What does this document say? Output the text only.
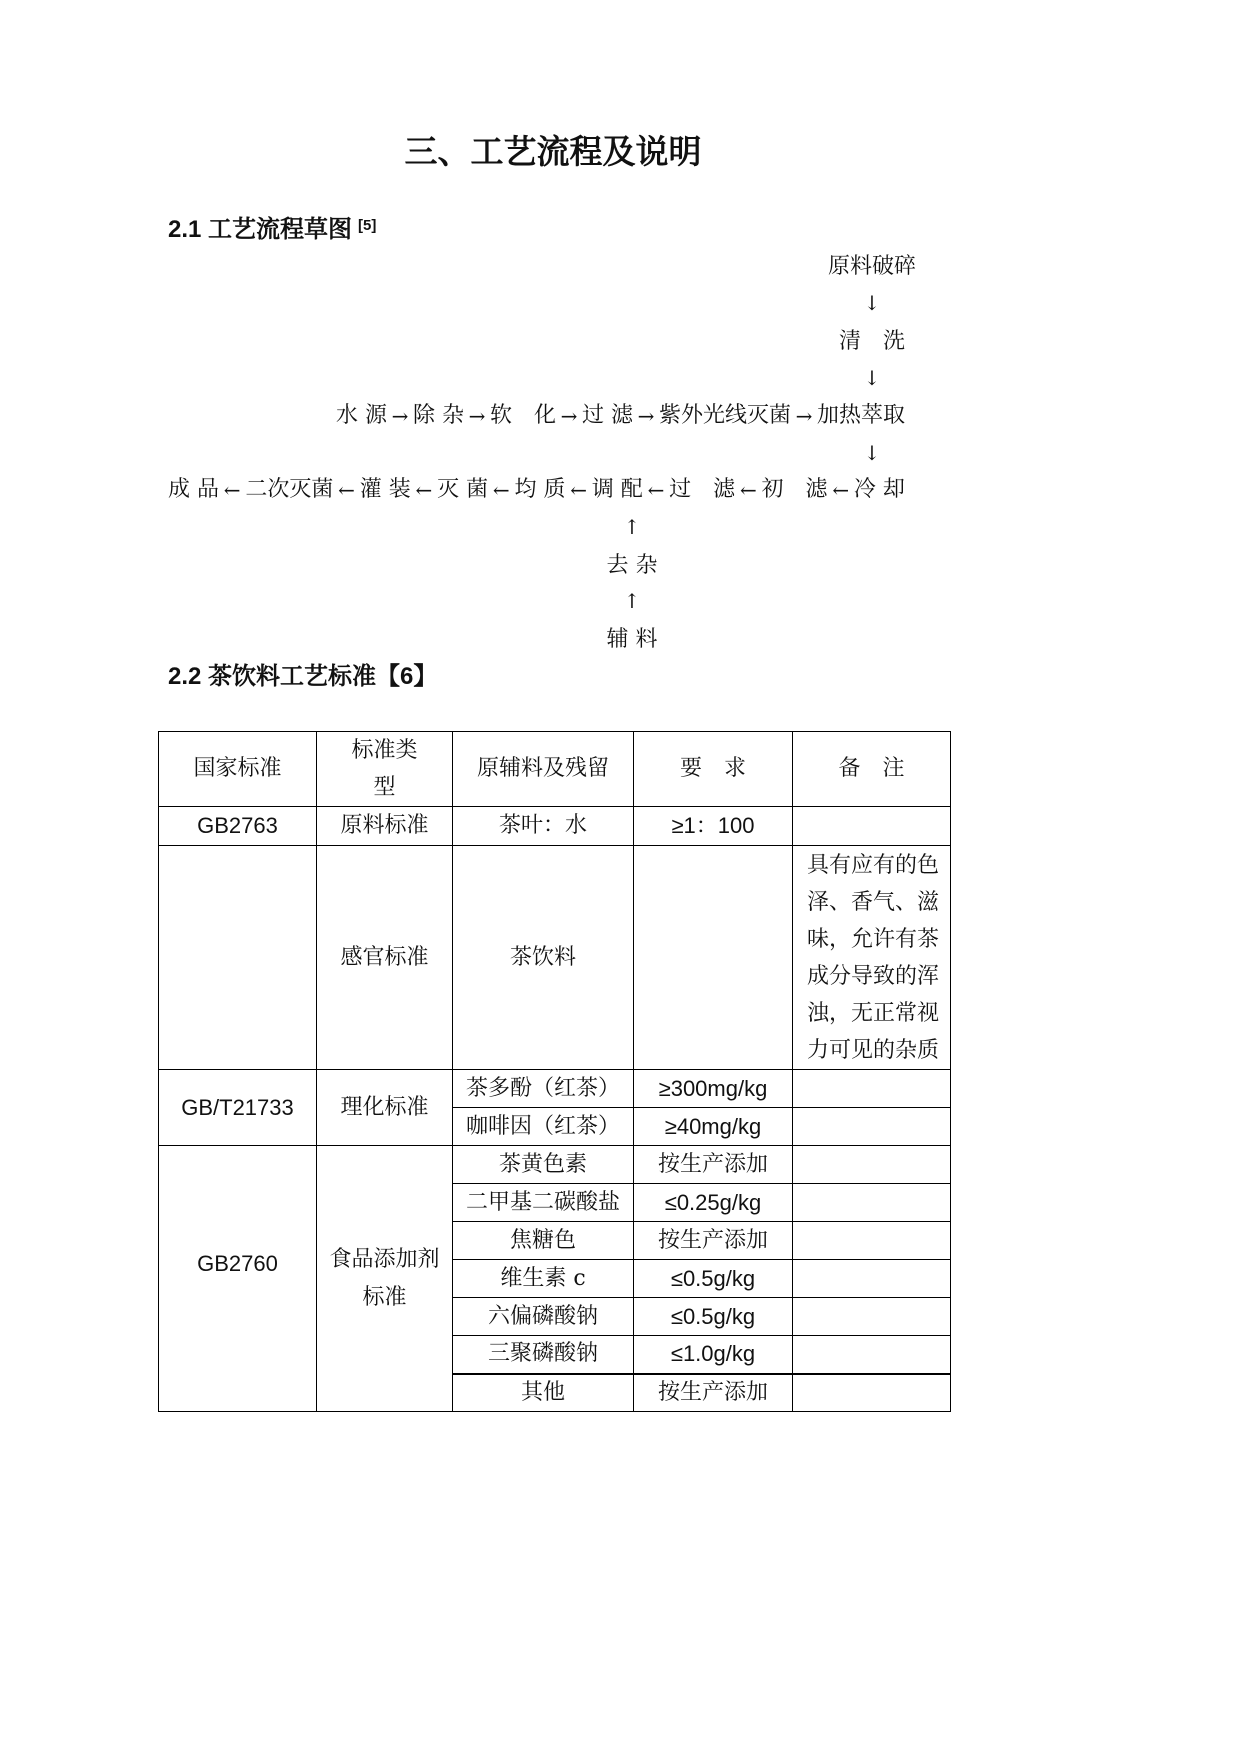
三、工艺流程及说明
2.1 工艺流程草图 [5]
原料破碎
↓
清　洗
↓
水 源 → 除 杂 → 软　化 → 过 滤 → 紫外光线灭菌 → 加热萃取
↓
成 品 ← 二次灭菌 ← 灌 装 ← 灭 菌 ← 均 质 ← 调 配 ← 过　滤 ← 初　滤 ← 冷 却
↑
去 杂
↑
辅 料
2.2 茶饮料工艺标准【6】
国家标准	标准类型	原辅料及残留	要　求	备　注
GB2763	原料标准	茶叶：水	≥1：100	
	感官标准	茶饮料		具有应有的色泽、香气、滋味，允许有茶成分导致的浑浊，无正常视力可见的杂质

GB/T21733	理化标准	茶多酚（红茶）	≥300mg/kg	
		咖啡因（红茶）	≥40mg/kg	
GB2760	食品添加剂标准	茶黄色素	按生产添加	
		二甲基二碳酸盐	≤0.25g/kg	
		焦糖色	按生产添加	
		维生素 c	≤0.5g/kg	
		六偏磷酸钠	≤0.5g/kg	
		三聚磷酸钠	≤1.0g/kg	
		其他	按生产添加	
